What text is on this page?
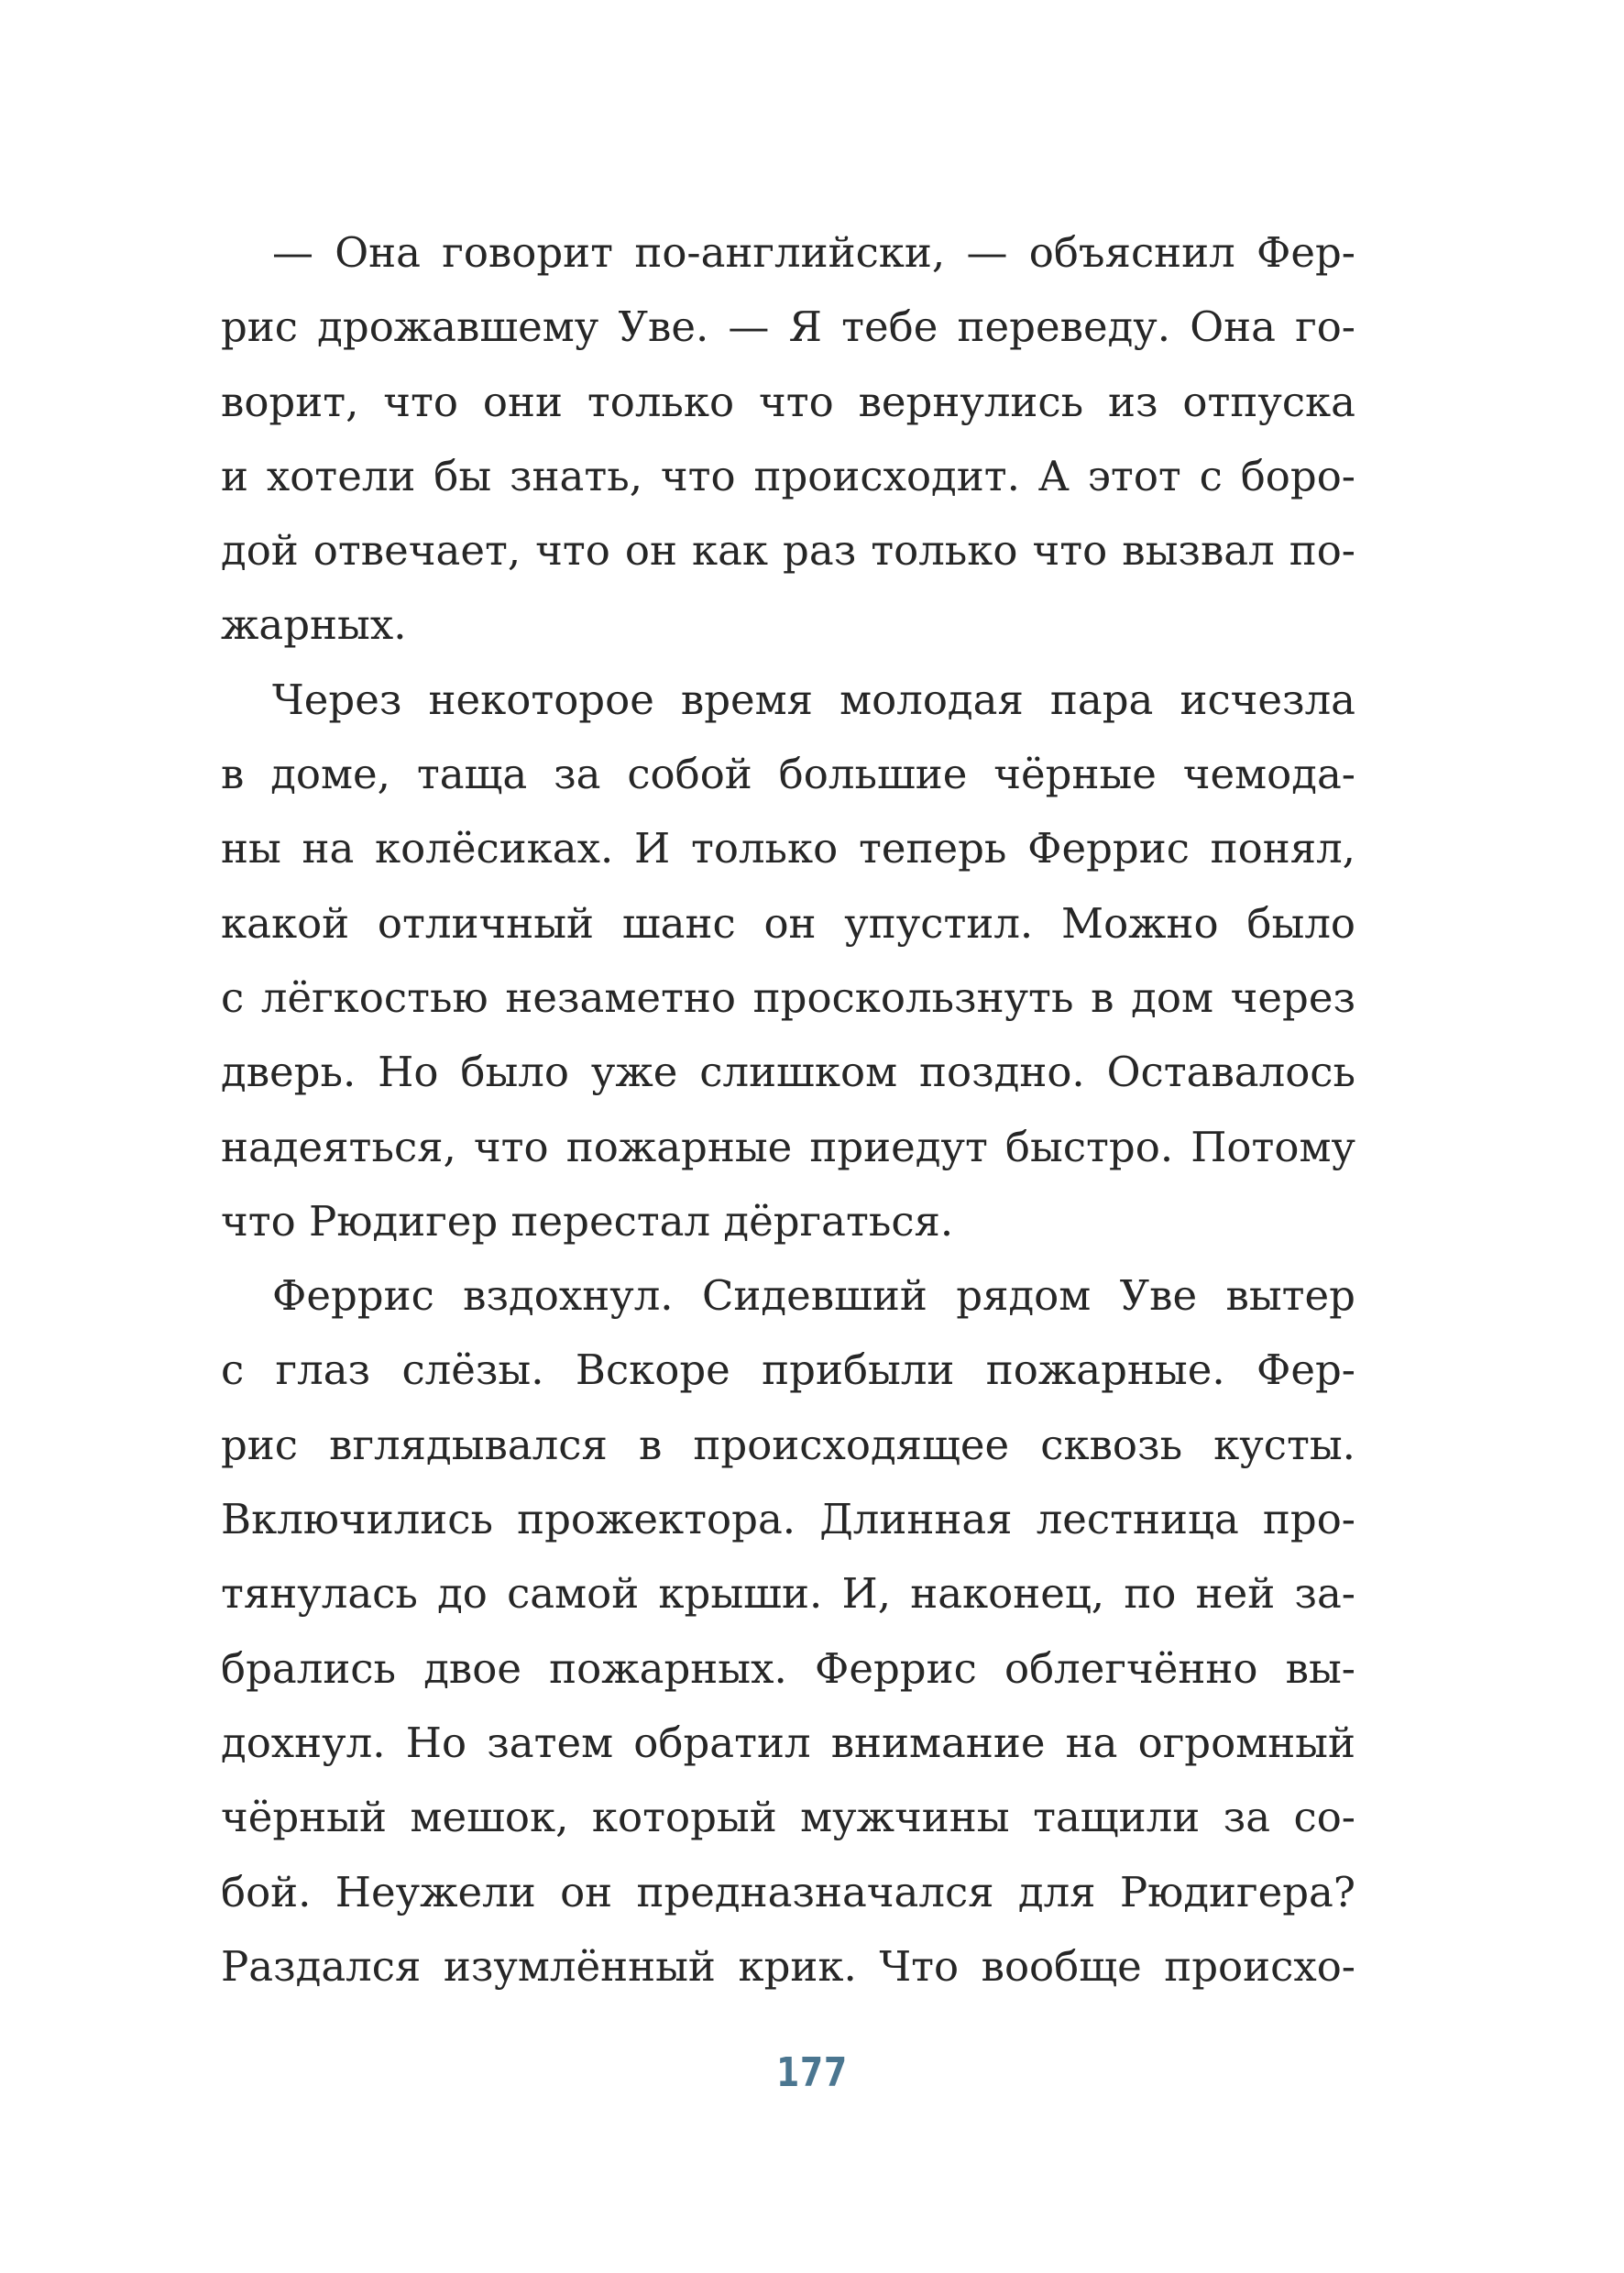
— Она говорит по-английски, — объяснил Фер-
рис дрожавшему Уве. — Я тебе переведу. Она го-
ворит, что они только что вернулись из отпуска
и хотели бы знать, что происходит. А этот с боро-
дой отвечает, что он как раз только что вызвал по-
жарных.
Через некоторое время молодая пара исчезла
в доме, таща за собой большие чёрные чемода-
ны на колёсиках. И только теперь Феррис понял,
какой отличный шанс он упустил. Можно было
с лёгкостью незаметно проскользнуть в дом через
дверь. Но было уже слишком поздно. Оставалось
надеяться, что пожарные приедут быстро. Потому
что Рюдигер перестал дёргаться.
Феррис вздохнул. Сидевший рядом Уве вытер
с глаз слёзы. Вскоре прибыли пожарные. Фер-
рис вглядывался в происходящее сквозь кусты.
Включились прожектора. Длинная лестница про-
тянулась до самой крыши. И, наконец, по ней за-
брались двое пожарных. Феррис облегчённо вы-
дохнул. Но затем обратил внимание на огромный
чёрный мешок, который мужчины тащили за со-
бой. Неужели он предназначался для Рюдигера?
Раздался изумлённый крик. Что вообще происхо-
177
